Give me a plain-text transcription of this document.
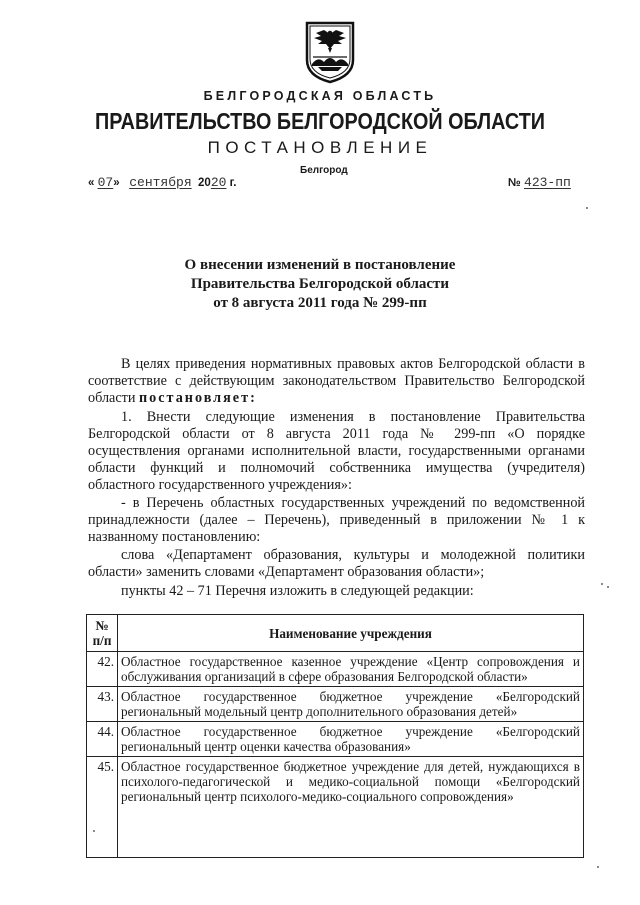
БЕЛГОРОДСКАЯ ОБЛАСТЬ
ПРАВИТЕЛЬСТВО БЕЛГОРОДСКОЙ ОБЛАСТИ
ПОСТАНОВЛЕНИЕ
Белгород
« 07» сентября 2020 г.	№ 423-пп
О внесении изменений в постановление
Правительства Белгородской области
от 8 августа 2011 года № 299-пп
В целях приведения нормативных правовых актов Белгородской области в соответствие с действующим законодательством Правительство Белгородской области постановляет:
1. Внести следующие изменения в постановление Правительства Белгородской области от 8 августа 2011 года № 299-пп «О порядке осуществления органами исполнительной власти, государственными органами области функций и полномочий собственника имущества (учредителя) областного государственного учреждения»:
- в Перечень областных государственных учреждений по ведомственной принадлежности (далее – Перечень), приведенный в приложении № 1 к названному постановлению:
слова «Департамент образования, культуры и молодежной политики области» заменить словами «Департамент образования области»;
пункты 42 – 71 Перечня изложить в следующей редакции:
№ п/п	Наименование учреждения
42.	Областное государственное казенное учреждение «Центр сопровождения и обслуживания организаций в сфере образования Белгородской области»
43.	Областное государственное бюджетное учреждение «Белгородский региональный модельный центр дополнительного образования детей»
44.	Областное государственное бюджетное учреждение «Белгородский региональный центр оценки качества образования»
45.	Областное государственное бюджетное учреждение для детей, нуждающихся в психолого-педагогической и медико-социальной помощи «Белгородский региональный центр психолого-медико-социального сопровождения»
